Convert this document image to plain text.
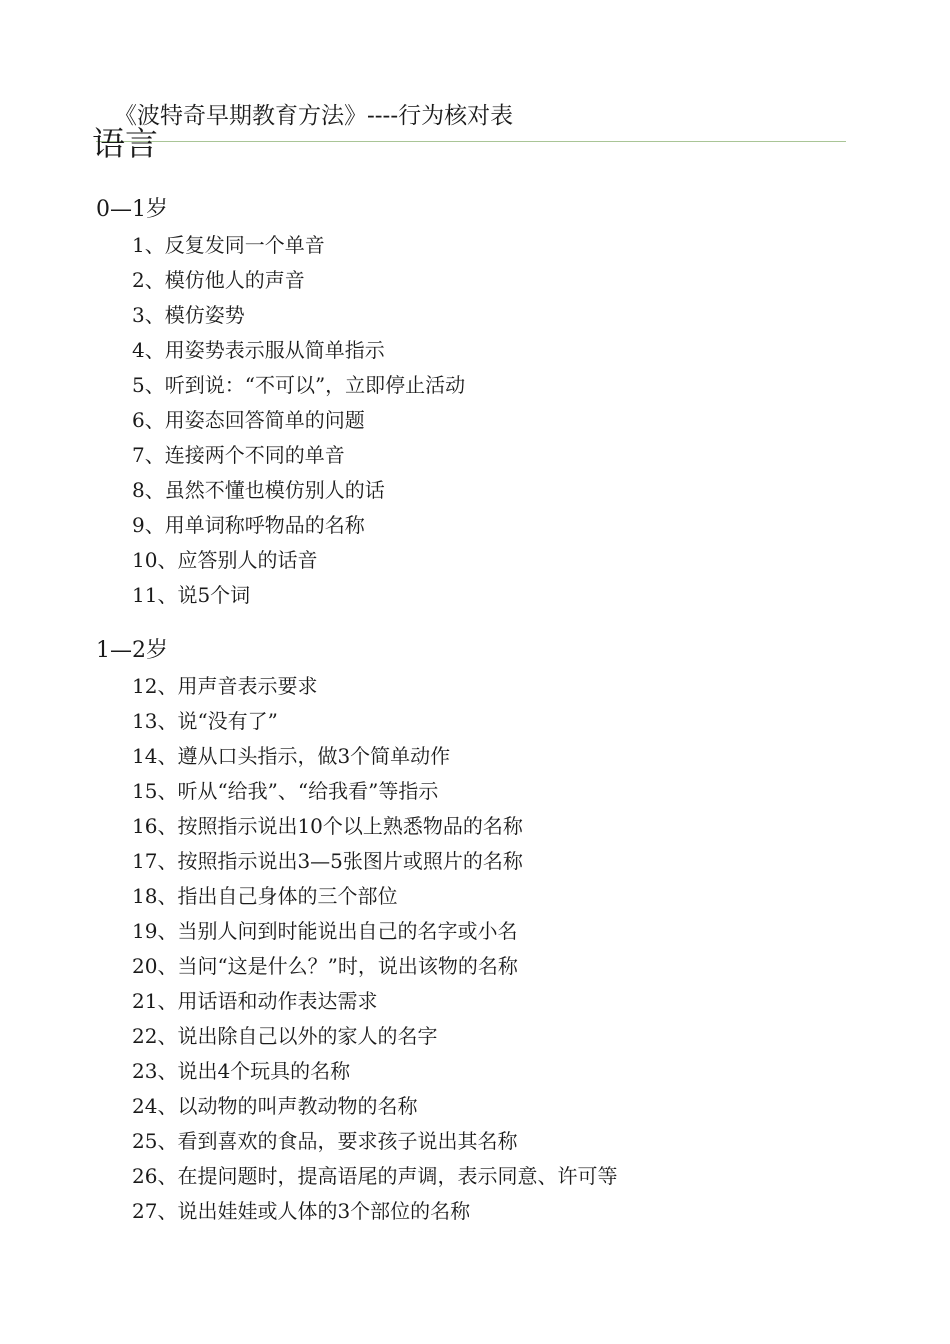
《波特奇早期教育方法》----行为核对表
语言
0—1岁
1、反复发同一个单音
2、模仿他人的声音
3、模仿姿势
4、用姿势表示服从简单指示
5、听到说：“不可以”，立即停止活动
6、用姿态回答简单的问题
7、连接两个不同的单音
8、虽然不懂也模仿别人的话
9、用单词称呼物品的名称
10、应答别人的话音
11、说5个词
1—2岁
12、用声音表示要求
13、说“没有了”
14、遵从口头指示，做3个简单动作
15、听从“给我”、“给我看”等指示
16、按照指示说出10个以上熟悉物品的名称
17、按照指示说出3—5张图片或照片的名称
18、指出自己身体的三个部位
19、当别人问到时能说出自己的名字或小名
20、当问“这是什么？”时，说出该物的名称
21、用话语和动作表达需求
22、说出除自己以外的家人的名字
23、说出4个玩具的名称
24、以动物的叫声教动物的名称
25、看到喜欢的食品，要求孩子说出其名称
26、在提问题时，提高语尾的声调，表示同意、许可等
27、说出娃娃或人体的3个部位的名称
